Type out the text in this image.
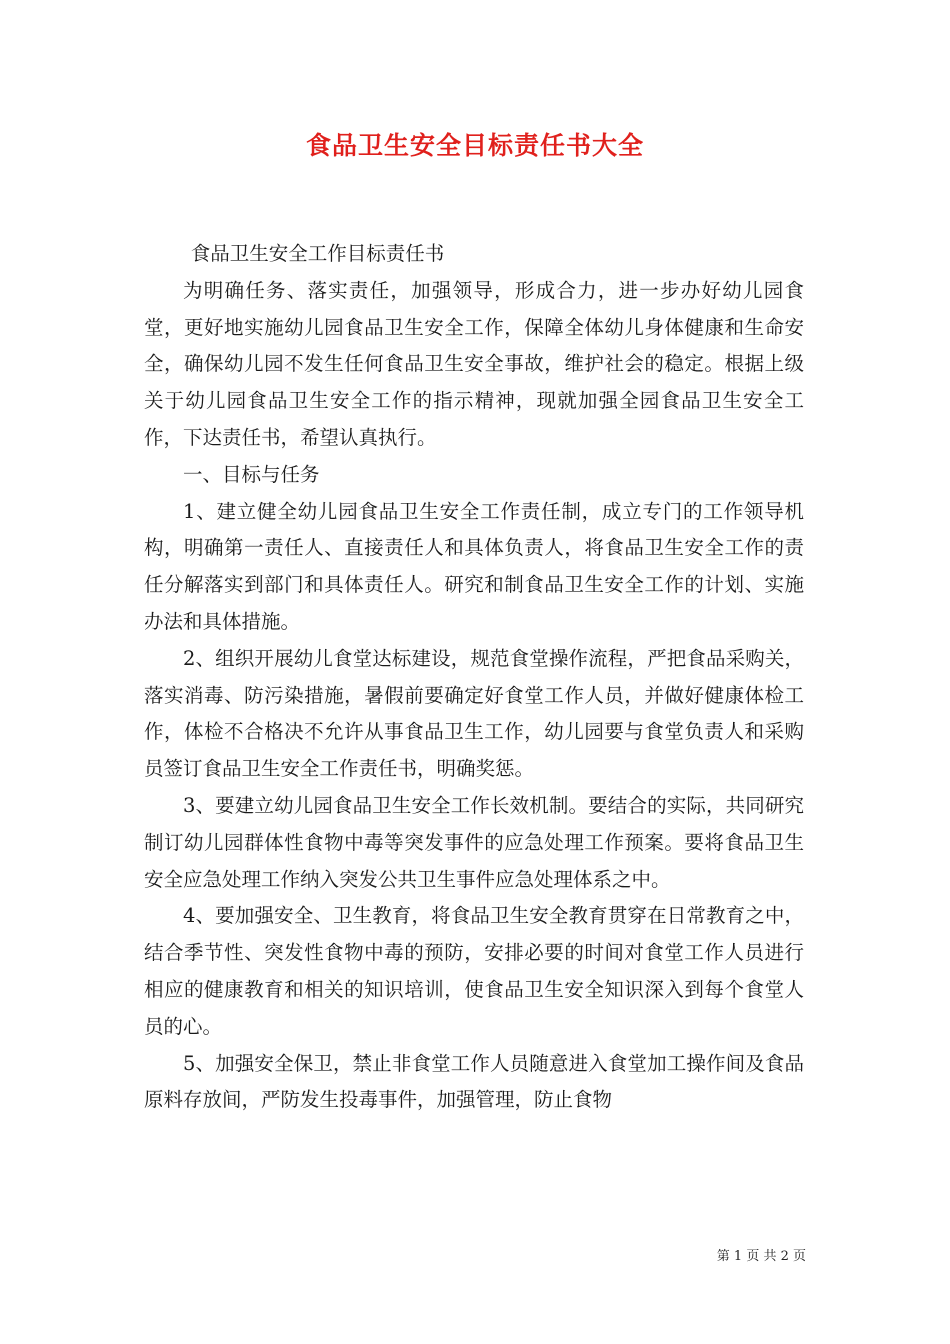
食品卫生安全目标责任书大全

食品卫生安全工作目标责任书

为明确任务、落实责任，加强领导，形成合力，进一步办好幼儿园食堂，更好地实施幼儿园食品卫生安全工作，保障全体幼儿身体健康和生命安全，确保幼儿园不发生任何食品卫生安全事故，维护社会的稳定。根据上级关于幼儿园食品卫生安全工作的指示精神，现就加强全园食品卫生安全工作，下达责任书，希望认真执行。

一、目标与任务

1、建立健全幼儿园食品卫生安全工作责任制，成立专门的工作领导机构，明确第一责任人、直接责任人和具体负责人，将食品卫生安全工作的责任分解落实到部门和具体责任人。研究和制食品卫生安全工作的计划、实施办法和具体措施。

2、组织开展幼儿食堂达标建设，规范食堂操作流程，严把食品采购关，落实消毒、防污染措施，暑假前要确定好食堂工作人员，并做好健康体检工作，体检不合格决不允许从事食品卫生工作，幼儿园要与食堂负责人和采购员签订食品卫生安全工作责任书，明确奖惩。

3、要建立幼儿园食品卫生安全工作长效机制。要结合的实际，共同研究制订幼儿园群体性食物中毒等突发事件的应急处理工作预案。要将食品卫生安全应急处理工作纳入突发公共卫生事件应急处理体系之中。

4、要加强安全、卫生教育，将食品卫生安全教育贯穿在日常教育之中，结合季节性、突发性食物中毒的预防，安排必要的时间对食堂工作人员进行相应的健康教育和相关的知识培训，使食品卫生安全知识深入到每个食堂人员的心。

5、加强安全保卫，禁止非食堂工作人员随意进入食堂加工操作间及食品原料存放间，严防发生投毒事件，加强管理，防止食物

第 1 页 共 2 页
